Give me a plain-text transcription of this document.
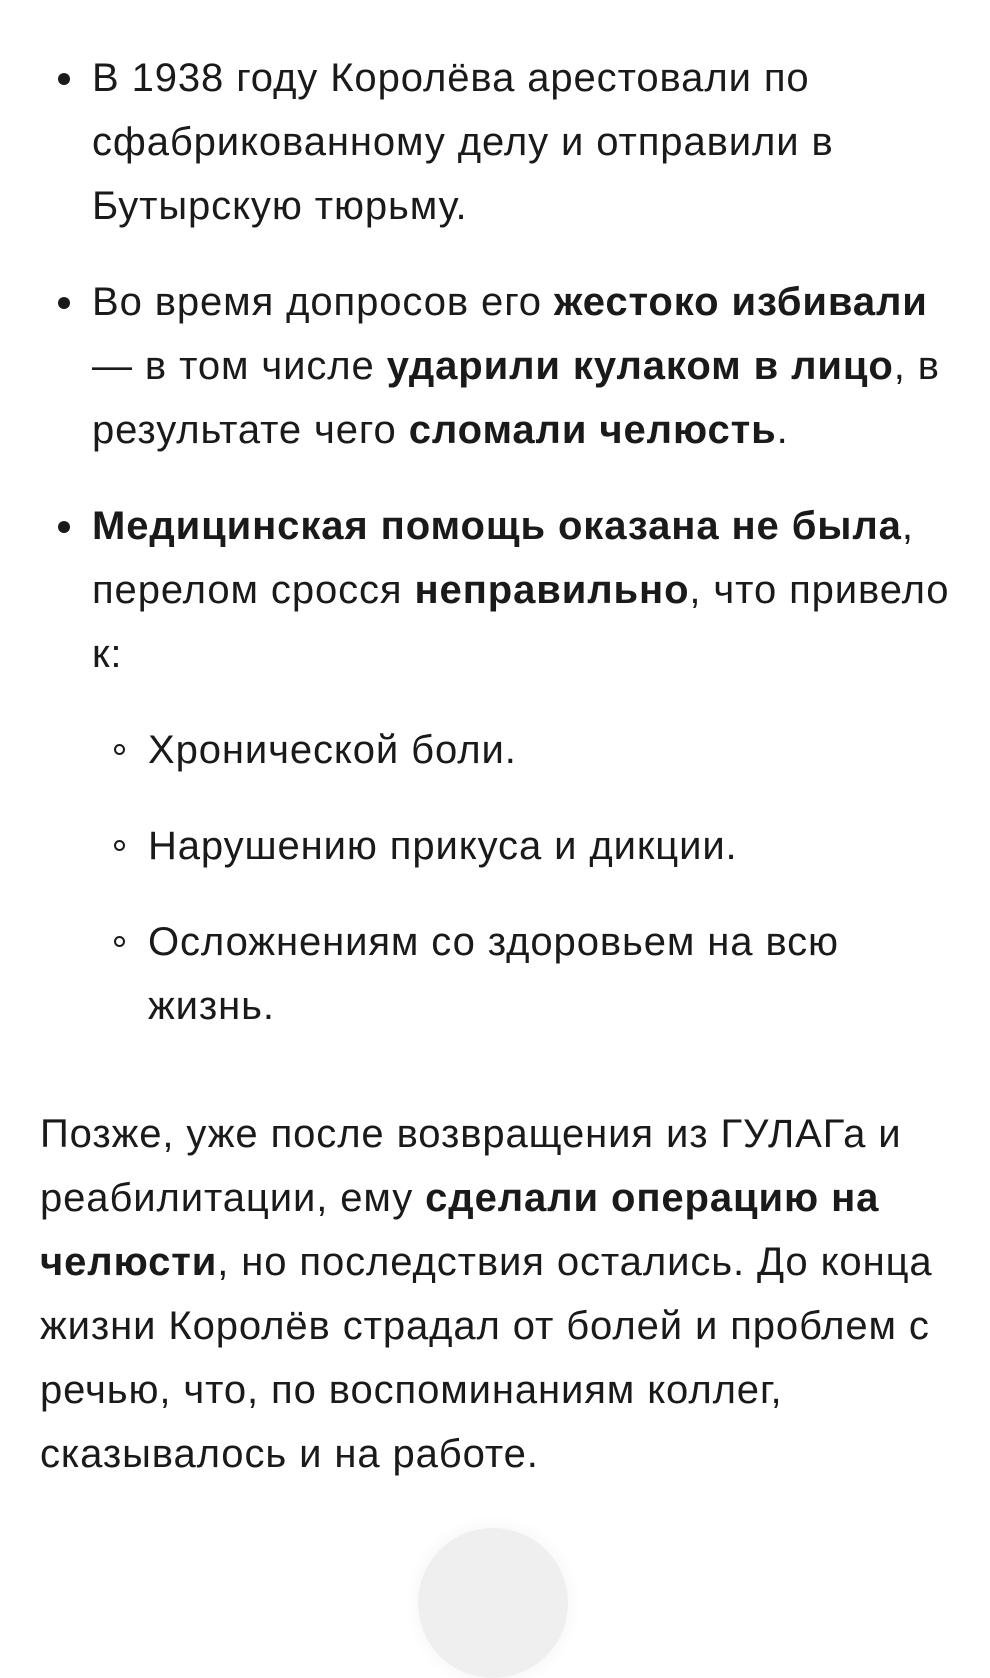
В 1938 году Королёва арестовали по сфабрикованному делу и отправили в Бутырскую тюрьму.
Во время допросов его жестоко избивали — в том числе ударили кулаком в лицо, в результате чего сломали челюсть.
Медицинская помощь оказана не была, перелом сросся неправильно, что привело к:
Хронической боли.
Нарушению прикуса и дикции.
Осложнениям со здоровьем на всю жизнь.

Позже, уже после возвращения из ГУЛАГа и реабилитации, ему сделали операцию на челюсти, но последствия остались. До конца жизни Королёв страдал от болей и проблем с речью, что, по воспоминаниям коллег, сказывалось и на работе.
